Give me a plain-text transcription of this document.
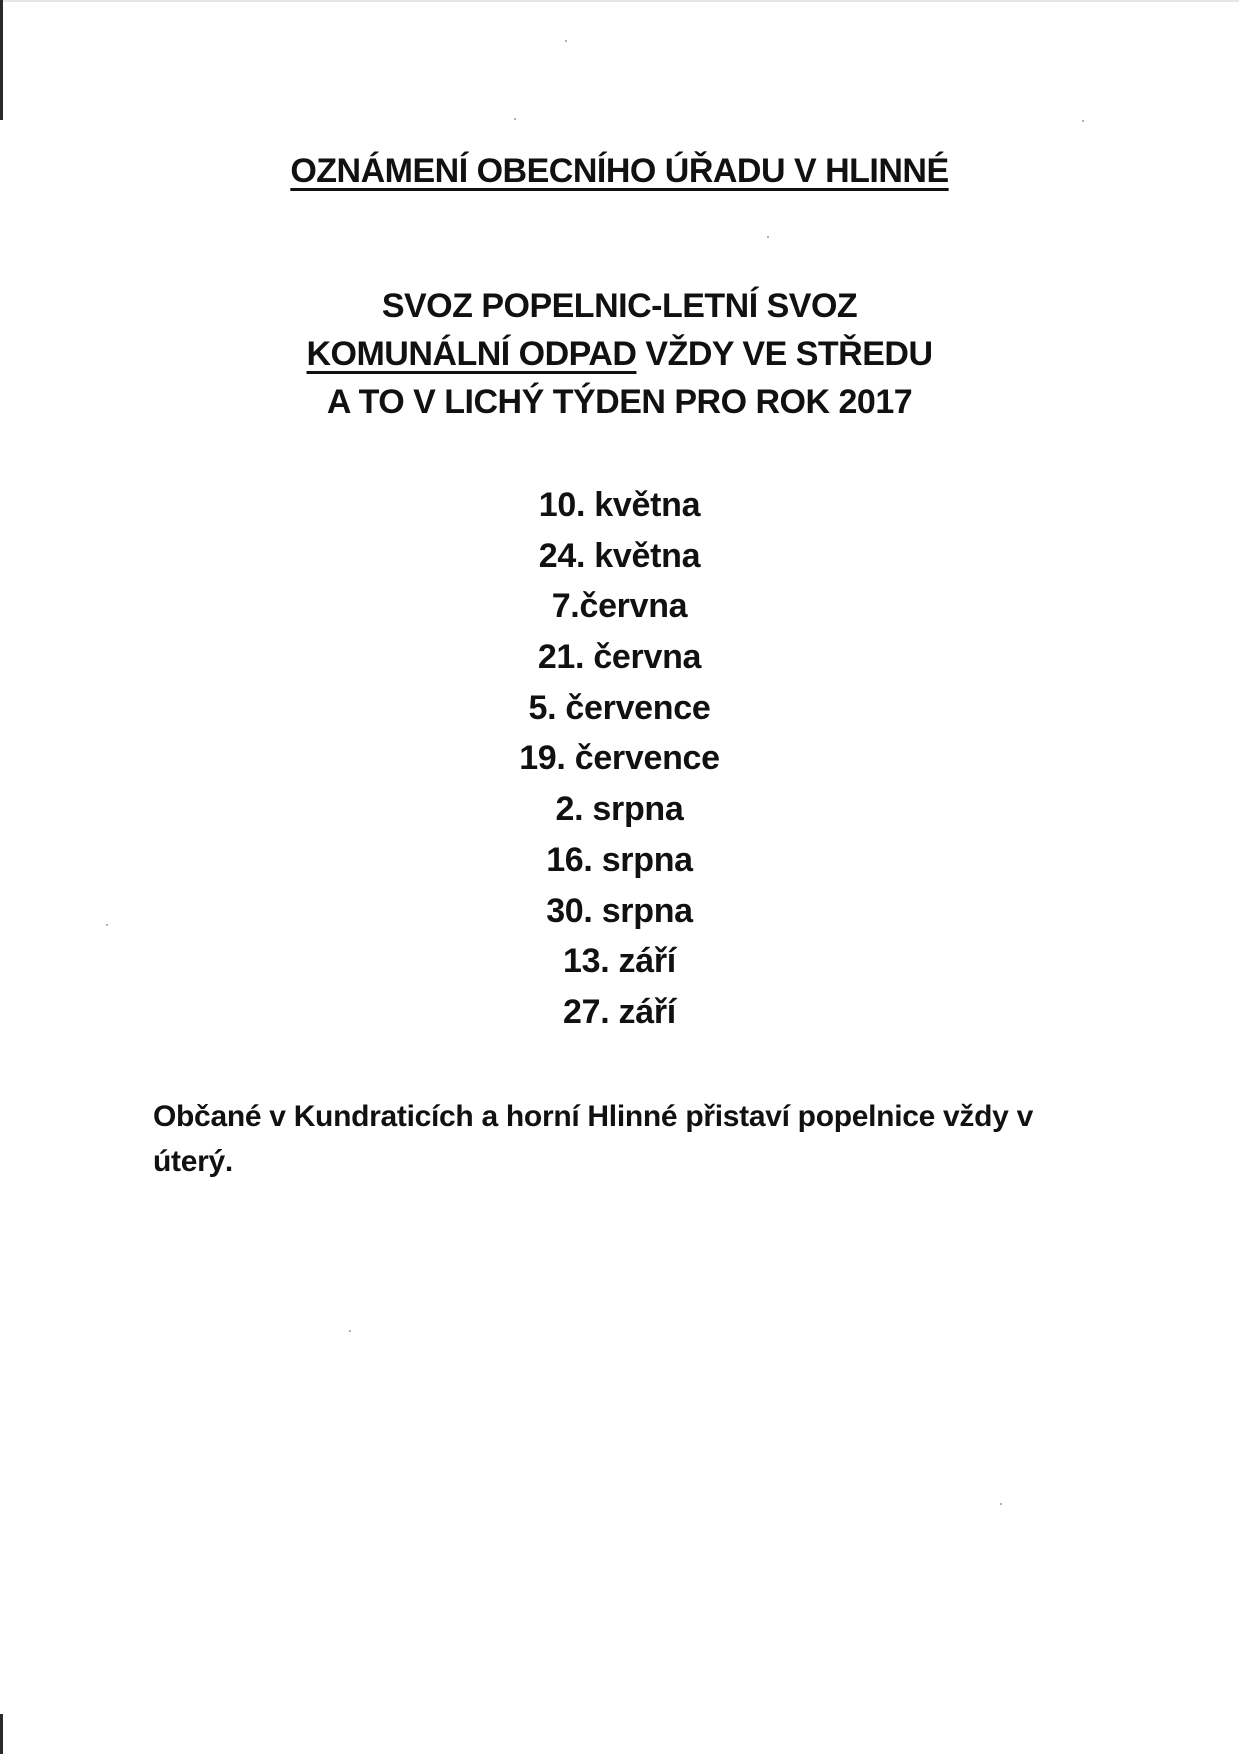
OZNÁMENÍ OBECNÍHO ÚŘADU V HLINNÉ
SVOZ POPELNIC-LETNÍ SVOZ
KOMUNÁLNÍ ODPAD VŽDY VE STŘEDU
A TO V LICHÝ TÝDEN PRO ROK 2017
10. května
24. května
7.června
21. června
5. července
19. července
2. srpna
16. srpna
30. srpna
13. září
27. září
Občané v Kundraticích a horní Hlinné přistaví popelnice vždy v úterý.
